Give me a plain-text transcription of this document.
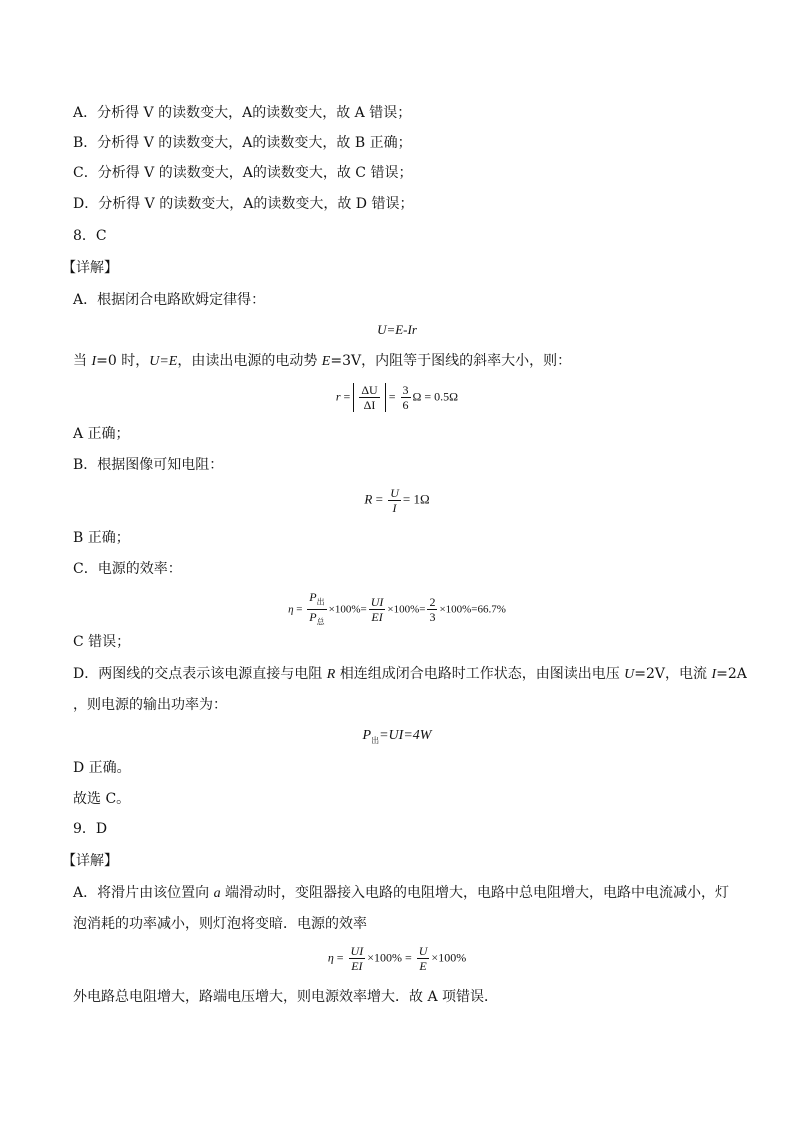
A．分析得 V 的读数变大，A的读数变大，故 A 错误；
B．分析得 V 的读数变大，A的读数变大，故 B 正确；
C．分析得 V 的读数变大，A的读数变大，故 C 错误；
D．分析得 V 的读数变大，A的读数变大，故 D 错误；
8．C
【详解】
A．根据闭合电路欧姆定律得：
U=E-Ir
当 I=0 时，U=E，由读出电源的电动势 E=3V，内阻等于图线的斜率大小，则：
$r = \frac{\Delta U}{\Delta I} = \frac{3}{6}$ Ω = 0.5Ω
A 正确；
B．根据图像可知电阻：
$R = \frac{U}{I} = 1\Omega$
B 正确；
C．电源的效率：
$\eta = \frac{P_出}{P_总} \times 100\%= \frac{UI}{EI} \times 100\%= \frac{2}{3} \times 100\%=66.7\%$
C 错误；
D．两图线的交点表示该电源直接与电阻 R 相连组成闭合电路时工作状态，由图读出电压 U=2V，电流 I=2A
，则电源的输出功率为：
$P_出=UI=4W$
D 正确。
故选 C。
9．D
【详解】
A．将滑片由该位置向 a 端滑动时，变阻器接入电路的电阻增大，电路中总电阻增大，电路中电流减小，灯
泡消耗的功率减小，则灯泡将变暗．电源的效率
$\eta = \frac{UI}{EI} \times 100\% = \frac{U}{E} \times 100\%$
外电路总电阻增大，路端电压增大，则电源效率增大．故 A 项错误．
